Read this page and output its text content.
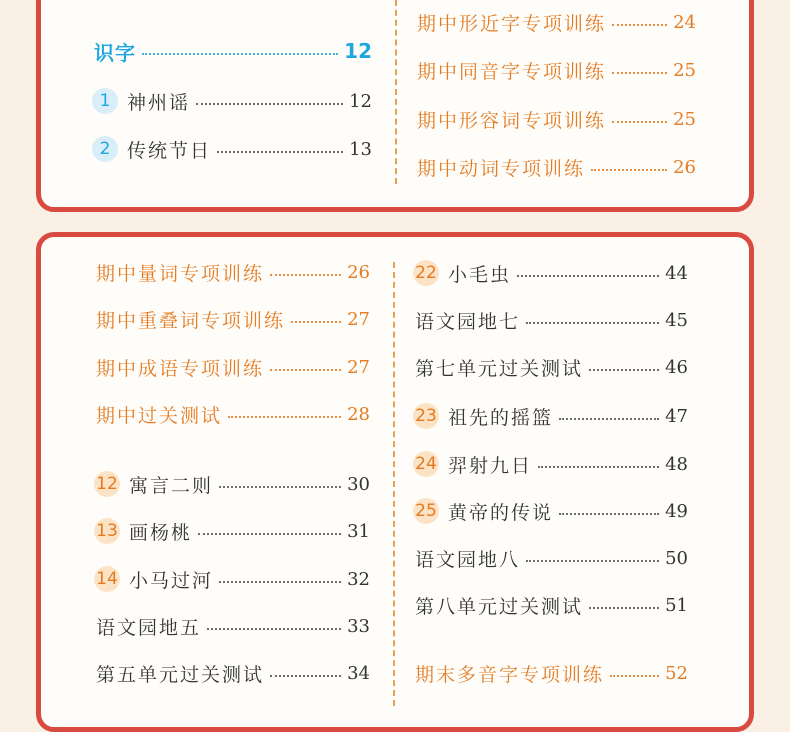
识字	12
1 神州谣	12
2 传统节日	13
期中形近字专项训练	24
期中同音字专项训练	25
期中形容词专项训练	25
期中动词专项训练	26
期中量词专项训练	26
期中重叠词专项训练	27
期中成语专项训练	27
期中过关测试	28
12 寓言二则	30
13 画杨桃	31
14 小马过河	32
语文园地五	33
第五单元过关测试	34
22 小毛虫	44
语文园地七	45
第七单元过关测试	46
23 祖先的摇篮	47
24 羿射九日	48
25 黄帝的传说	49
语文园地八	50
第八单元过关测试	51
期末多音字专项训练	52
